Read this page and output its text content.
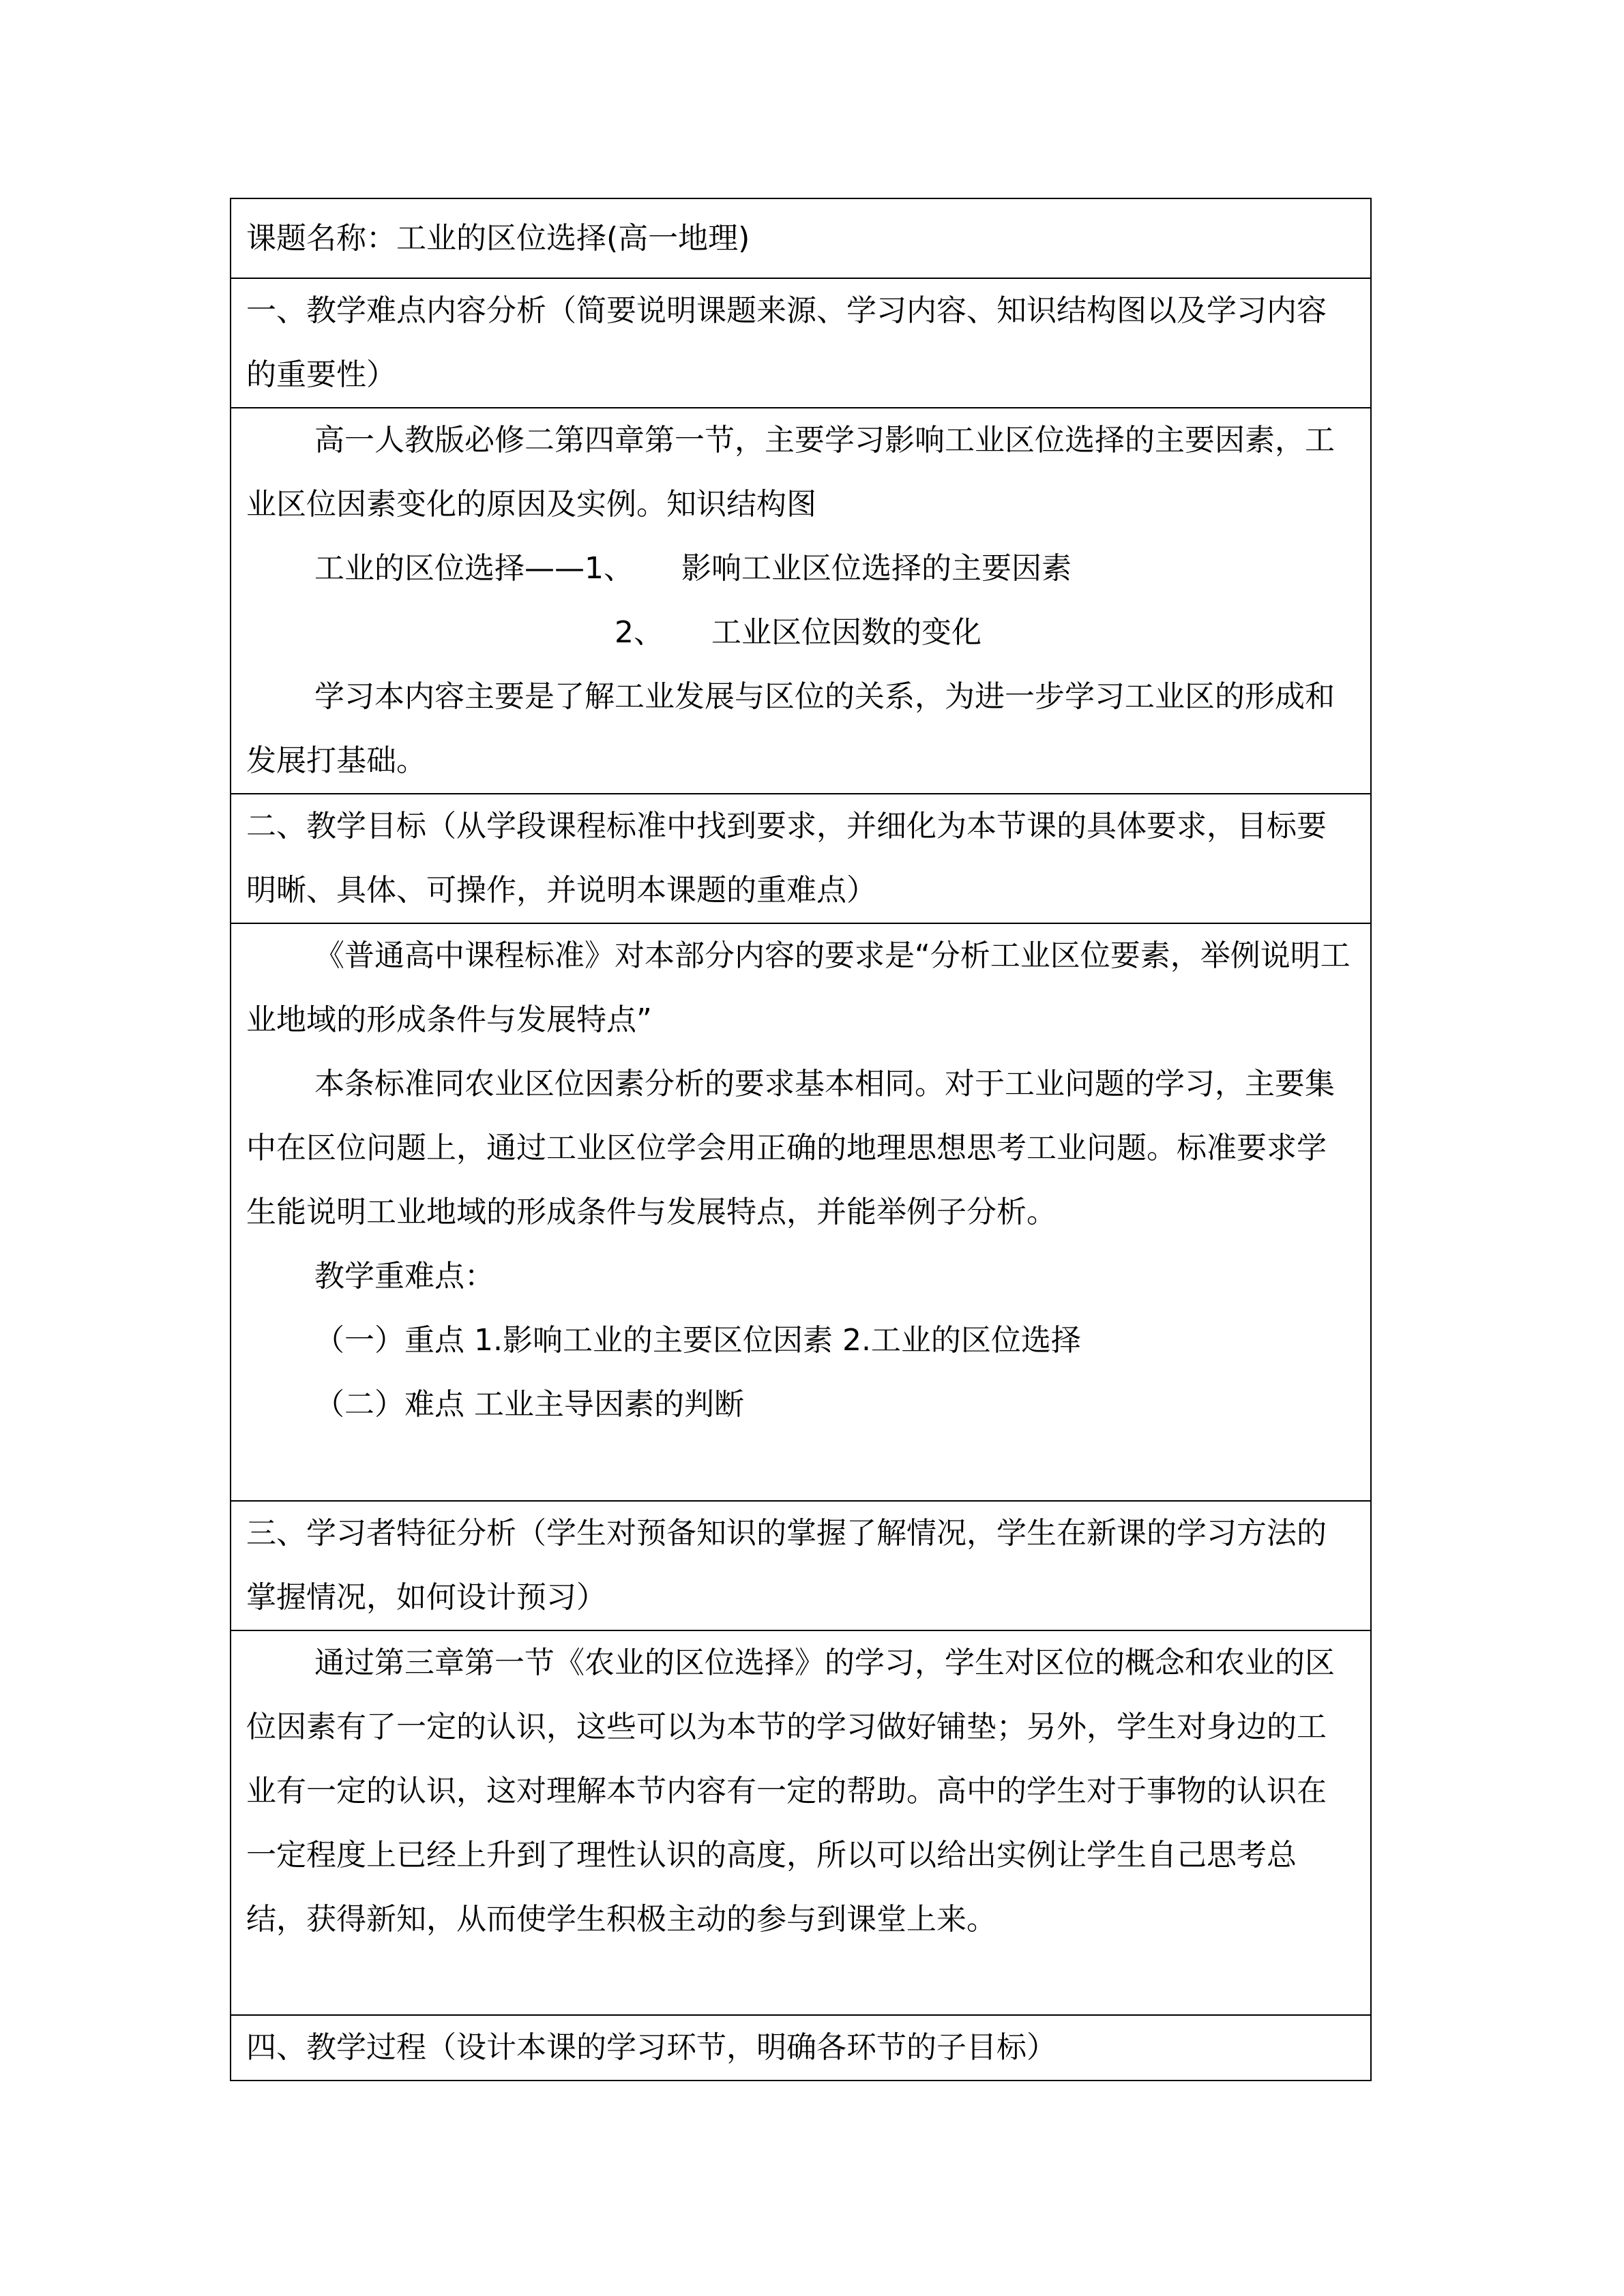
课题名称：工业的区位选择(高一地理)

一、教学难点内容分析（简要说明课题来源、学习内容、知识结构图以及学习内容的重要性）

高一人教版必修二第四章第一节，主要学习影响工业区位选择的主要因素，工业区位因素变化的原因及实例。知识结构图
工业的区位选择——1、 影响工业区位选择的主要因素
2、 工业区位因数的变化
学习本内容主要是了解工业发展与区位的关系，为进一步学习工业区的形成和发展打基础。

二、教学目标（从学段课程标准中找到要求，并细化为本节课的具体要求，目标要明晰、具体、可操作，并说明本课题的重难点）

《普通高中课程标准》对本部分内容的要求是“分析工业区位要素，举例说明工业地域的形成条件与发展特点”
本条标准同农业区位因素分析的要求基本相同。对于工业问题的学习，主要集中在区位问题上，通过工业区位学会用正确的地理思想思考工业问题。标准要求学生能说明工业地域的形成条件与发展特点，并能举例子分析。
教学重难点：
（一）重点 1.影响工业的主要区位因素 2.工业的区位选择
（二）难点 工业主导因素的判断

三、学习者特征分析（学生对预备知识的掌握了解情况，学生在新课的学习方法的掌握情况，如何设计预习）

通过第三章第一节《农业的区位选择》的学习，学生对区位的概念和农业的区位因素有了一定的认识，这些可以为本节的学习做好铺垫；另外，学生对身边的工业有一定的认识，这对理解本节内容有一定的帮助。高中的学生对于事物的认识在一定程度上已经上升到了理性认识的高度，所以可以给出实例让学生自己思考总结，获得新知，从而使学生积极主动的参与到课堂上来。

四、教学过程（设计本课的学习环节，明确各环节的子目标）
